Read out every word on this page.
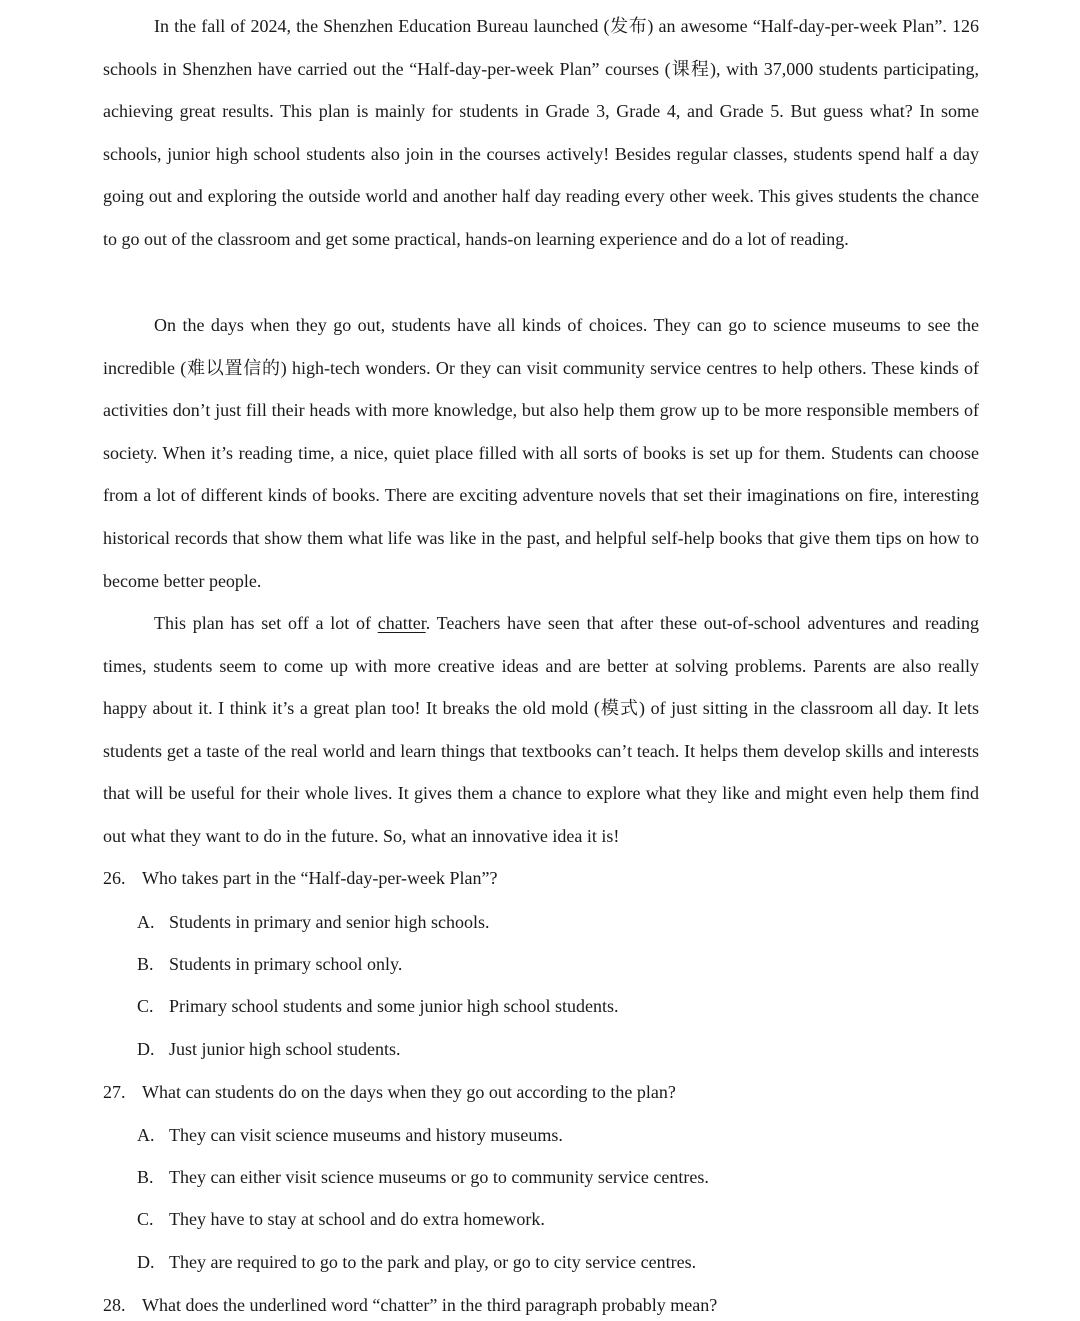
In the fall of 2024, the Shenzhen Education Bureau launched (发布) an awesome “Half-day-per-week Plan”. 126 schools in Shenzhen have carried out the “Half-day-per-week Plan” courses (课程), with 37,000 students participating, achieving great results. This plan is mainly for students in Grade 3, Grade 4, and Grade 5. But guess what? In some schools, junior high school students also join in the courses actively! Besides regular classes, students spend half a day going out and exploring the outside world and another half day reading every other week. This gives students the chance to go out of the classroom and get some practical, hands-on learning experience and do a lot of reading.

On the days when they go out, students have all kinds of choices. They can go to science museums to see the incredible (难以置信的) high-tech wonders. Or they can visit community service centres to help others. These kinds of activities don’t just fill their heads with more knowledge, but also help them grow up to be more responsible members of society. When it’s reading time, a nice, quiet place filled with all sorts of books is set up for them. Students can choose from a lot of different kinds of books. There are exciting adventure novels that set their imaginations on fire, interesting historical records that show them what life was like in the past, and helpful self-help books that give them tips on how to become better people.

This plan has set off a lot of chatter. Teachers have seen that after these out-of-school adventures and reading times, students seem to come up with more creative ideas and are better at solving problems. Parents are also really happy about it. I think it’s a great plan too! It breaks the old mold (模式) of just sitting in the classroom all day. It lets students get a taste of the real world and learn things that textbooks can’t teach. It helps them develop skills and interests that will be useful for their whole lives. It gives them a chance to explore what they like and might even help them find out what they want to do in the future. So, what an innovative idea it is!

26. Who takes part in the “Half-day-per-week Plan”?

A. Students in primary and senior high schools.

B. Students in primary school only.

C. Primary school students and some junior high school students.

D. Just junior high school students.

27. What can students do on the days when they go out according to the plan?

A. They can visit science museums and history museums.

B. They can either visit science museums or go to community service centres.

C. They have to stay at school and do extra homework.

D. They are required to go to the park and play, or go to city service centres.

28. What does the underlined word “chatter” in the third paragraph probably mean?
